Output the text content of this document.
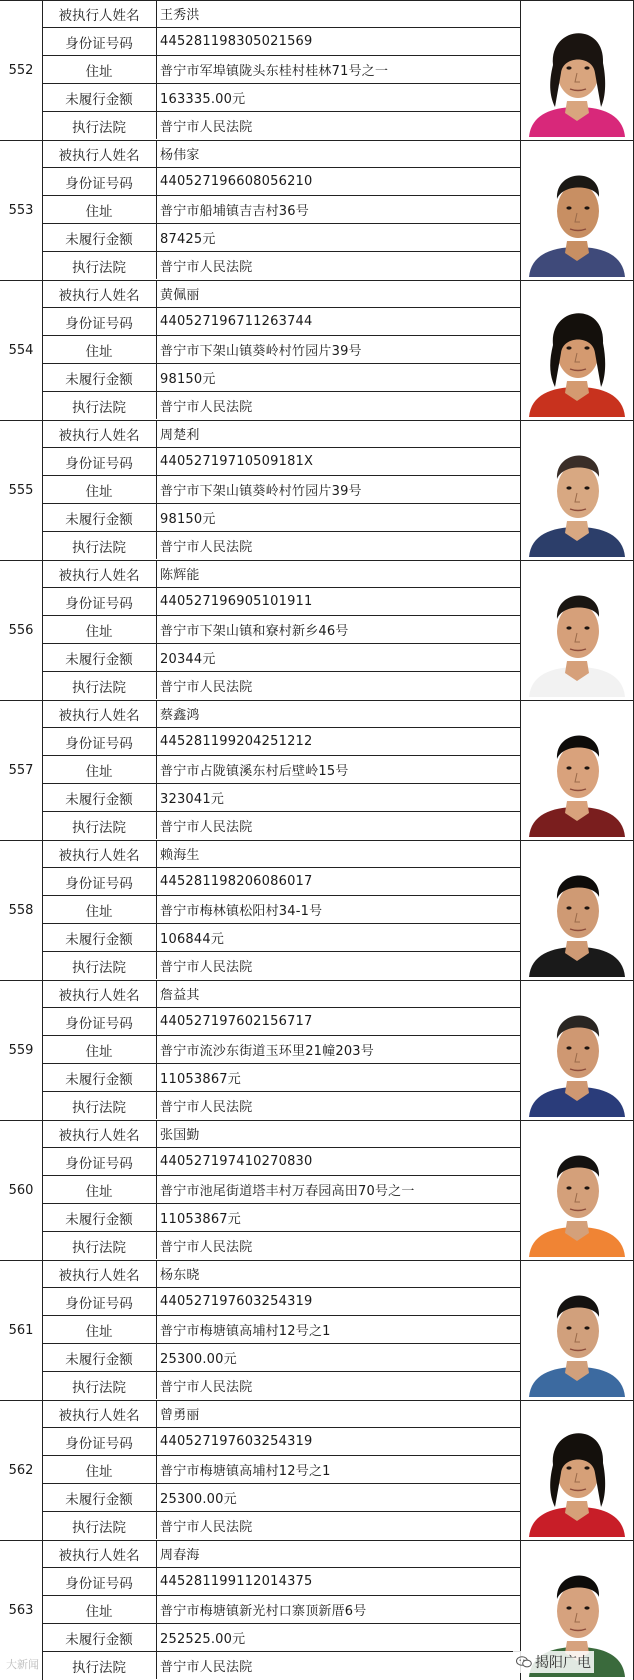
552
被执行人姓名	王秀洪
身份证号码	445281198305021569
住址	普宁市军埠镇陇头东桂村桂林71号之一
未履行金额	163335.00元
执行法院	普宁市人民法院
553
被执行人姓名	杨伟家
身份证号码	440527196608056210
住址	普宁市船埔镇吉吉村36号
未履行金额	87425元
执行法院	普宁市人民法院
554
被执行人姓名	黄佩丽
身份证号码	440527196711263744
住址	普宁市下架山镇葵岭村竹园片39号
未履行金额	98150元
执行法院	普宁市人民法院
555
被执行人姓名	周楚利
身份证号码	44052719710509181X
住址	普宁市下架山镇葵岭村竹园片39号
未履行金额	98150元
执行法院	普宁市人民法院
556
被执行人姓名	陈辉能
身份证号码	440527196905101911
住址	普宁市下架山镇和寮村新乡46号
未履行金额	20344元
执行法院	普宁市人民法院
557
被执行人姓名	蔡鑫鸿
身份证号码	445281199204251212
住址	普宁市占陇镇溪东村后壁岭15号
未履行金额	323041元
执行法院	普宁市人民法院
558
被执行人姓名	赖海生
身份证号码	445281198206086017
住址	普宁市梅林镇松阳村34-1号
未履行金额	106844元
执行法院	普宁市人民法院
559
被执行人姓名	詹益其
身份证号码	440527197602156717
住址	普宁市流沙东街道玉环里21幢203号
未履行金额	11053867元
执行法院	普宁市人民法院
560
被执行人姓名	张国勤
身份证号码	440527197410270830
住址	普宁市池尾街道塔丰村万春园高田70号之一
未履行金额	11053867元
执行法院	普宁市人民法院
561
被执行人姓名	杨东晓
身份证号码	440527197603254319
住址	普宁市梅塘镇高埔村12号之1
未履行金额	25300.00元
执行法院	普宁市人民法院
562
被执行人姓名	曾勇丽
身份证号码	440527197603254319
住址	普宁市梅塘镇高埔村12号之1
未履行金额	25300.00元
执行法院	普宁市人民法院
563
被执行人姓名	周春海
身份证号码	445281199112014375
住址	普宁市梅塘镇新光村口寨顶新厝6号
未履行金额	252525.00元
执行法院	普宁市人民法院
大新闻	揭阳广电
